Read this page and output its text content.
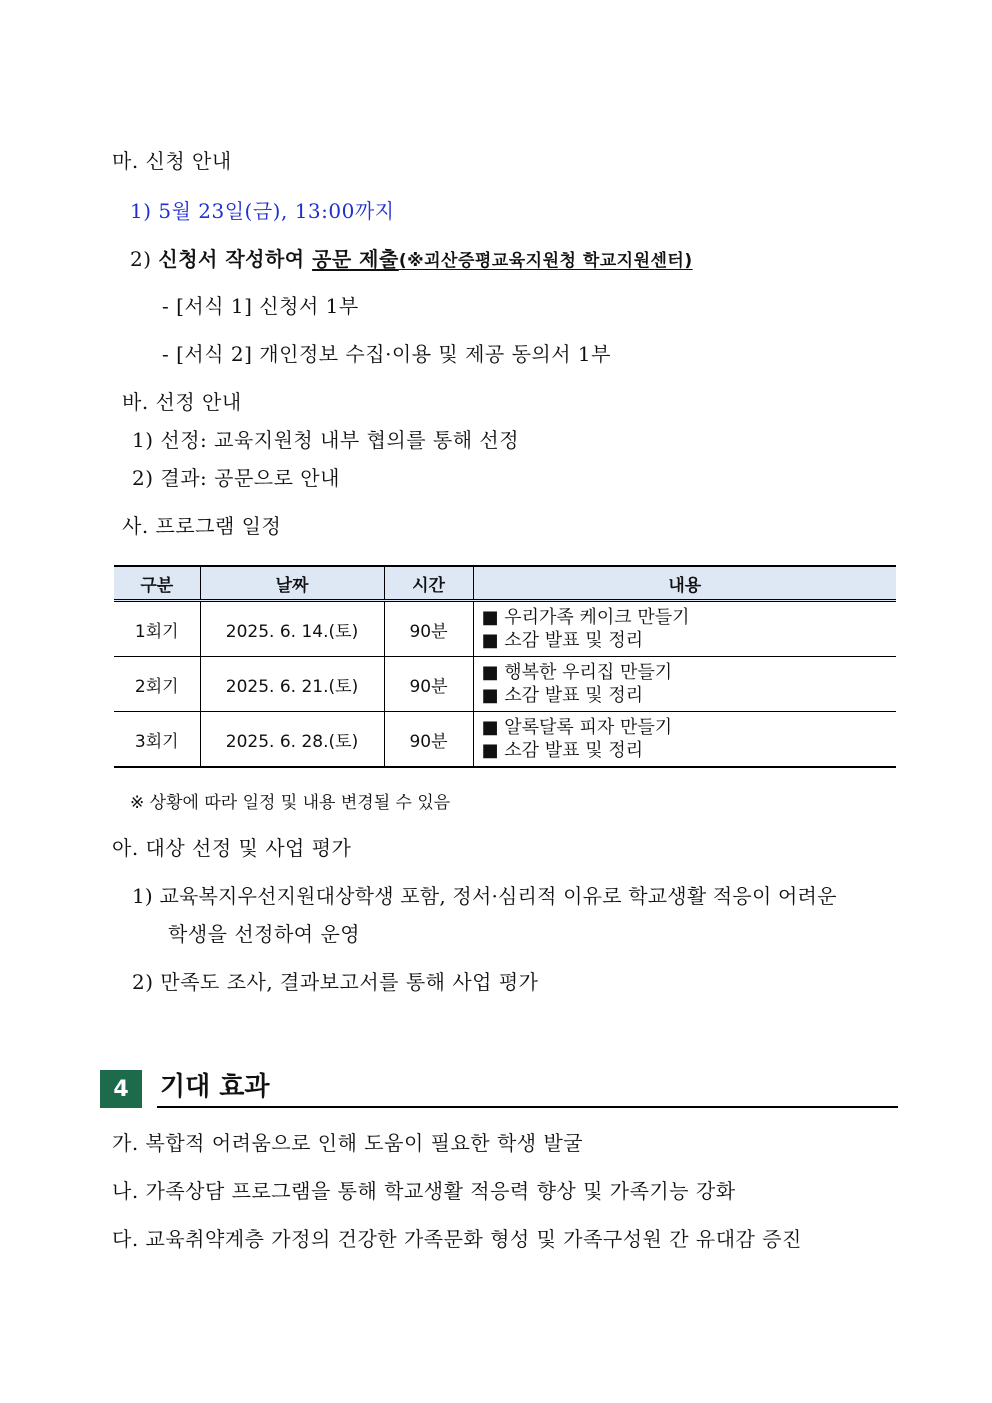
마. 신청 안내
1) 5월 23일(금), 13:00까지
2) 신청서 작성하여 공문 제출(※괴산증평교육지원청 학교지원센터)
- [서식 1] 신청서 1부
- [서식 2] 개인정보 수집·이용 및 제공 동의서 1부
바. 선정 안내
1) 선정: 교육지원청 내부 협의를 통해 선정
2) 결과: 공문으로 안내
사. 프로그램 일정
구분	날짜	시간	내용
1회기	2025. 6. 14.(토)	90분	■ 우리가족 케이크 만들기
■ 소감 발표 및 정리

2회기	2025. 6. 21.(토)	90분	■ 행복한 우리집 만들기
■ 소감 발표 및 정리

3회기	2025. 6. 28.(토)	90분	■ 알록달록 피자 만들기
■ 소감 발표 및 정리
※ 상황에 따라 일정 및 내용 변경될 수 있음
아. 대상 선정 및 사업 평가
1) 교육복지우선지원대상학생 포함, 정서·심리적 이유로 학교생활 적응이 어려운
학생을 선정하여 운영
2) 만족도 조사, 결과보고서를 통해 사업 평가
4	기대 효과
가. 복합적 어려움으로 인해 도움이 필요한 학생 발굴
나. 가족상담 프로그램을 통해 학교생활 적응력 향상 및 가족기능 강화
다. 교육취약계층 가정의 건강한 가족문화 형성 및 가족구성원 간 유대감 증진
